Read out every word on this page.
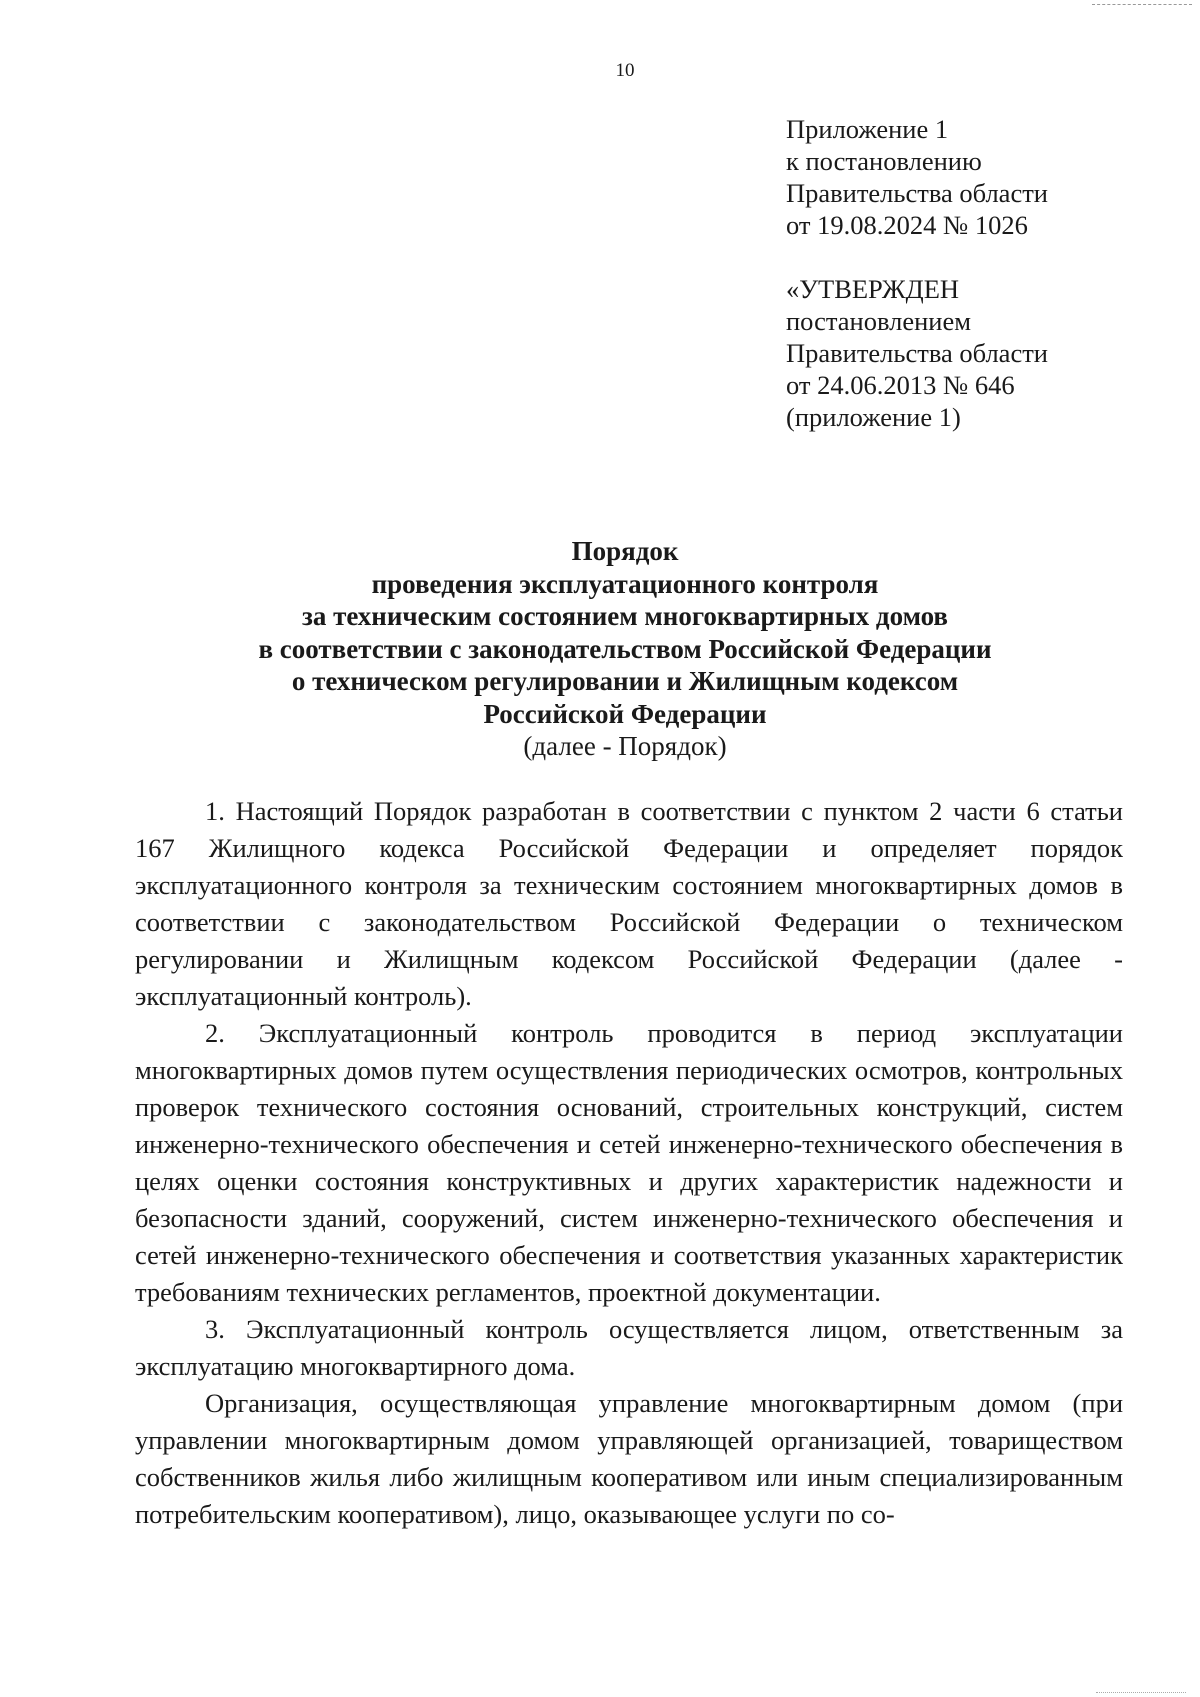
10
Приложение 1
к постановлению
Правительства области
от 19.08.2024 № 1026
«УТВЕРЖДЕН
постановлением
Правительства области
от 24.06.2013 № 646
(приложение 1)
Порядок
проведения эксплуатационного контроля
за техническим состоянием многоквартирных домов
в соответствии с законодательством Российской Федерации
о техническом регулировании и Жилищным кодексом
Российской Федерации
(далее - Порядок)

1. Настоящий Порядок разработан в соответствии с пунктом 2 части 6 статьи 167 Жилищного кодекса Российской Федерации и определяет порядок эксплуатационного контроля за техническим состоянием многоквартирных домов в соответствии с законодательством Российской Федерации о техническом регулировании и Жилищным кодексом Российской Федерации (далее - эксплуатационный контроль).

2. Эксплуатационный контроль проводится в период эксплуатации многоквартирных домов путем осуществления периодических осмотров, контрольных проверок технического состояния оснований, строительных конструкций, систем инженерно-технического обеспечения и сетей инженерно-технического обеспечения в целях оценки состояния конструктивных и других характеристик надежности и безопасности зданий, сооружений, систем инженерно-технического обеспечения и сетей инженерно-технического обеспечения и соответствия указанных характеристик требованиям технических регламентов, проектной документации.

3. Эксплуатационный контроль осуществляется лицом, ответственным за эксплуатацию многоквартирного дома.

Организация, осуществляющая управление многоквартирным домом (при управлении многоквартирным домом управляющей организацией, товариществом собственников жилья либо жилищным кооперативом или иным специализированным потребительским кооперативом), лицо, оказывающее услуги по со-
